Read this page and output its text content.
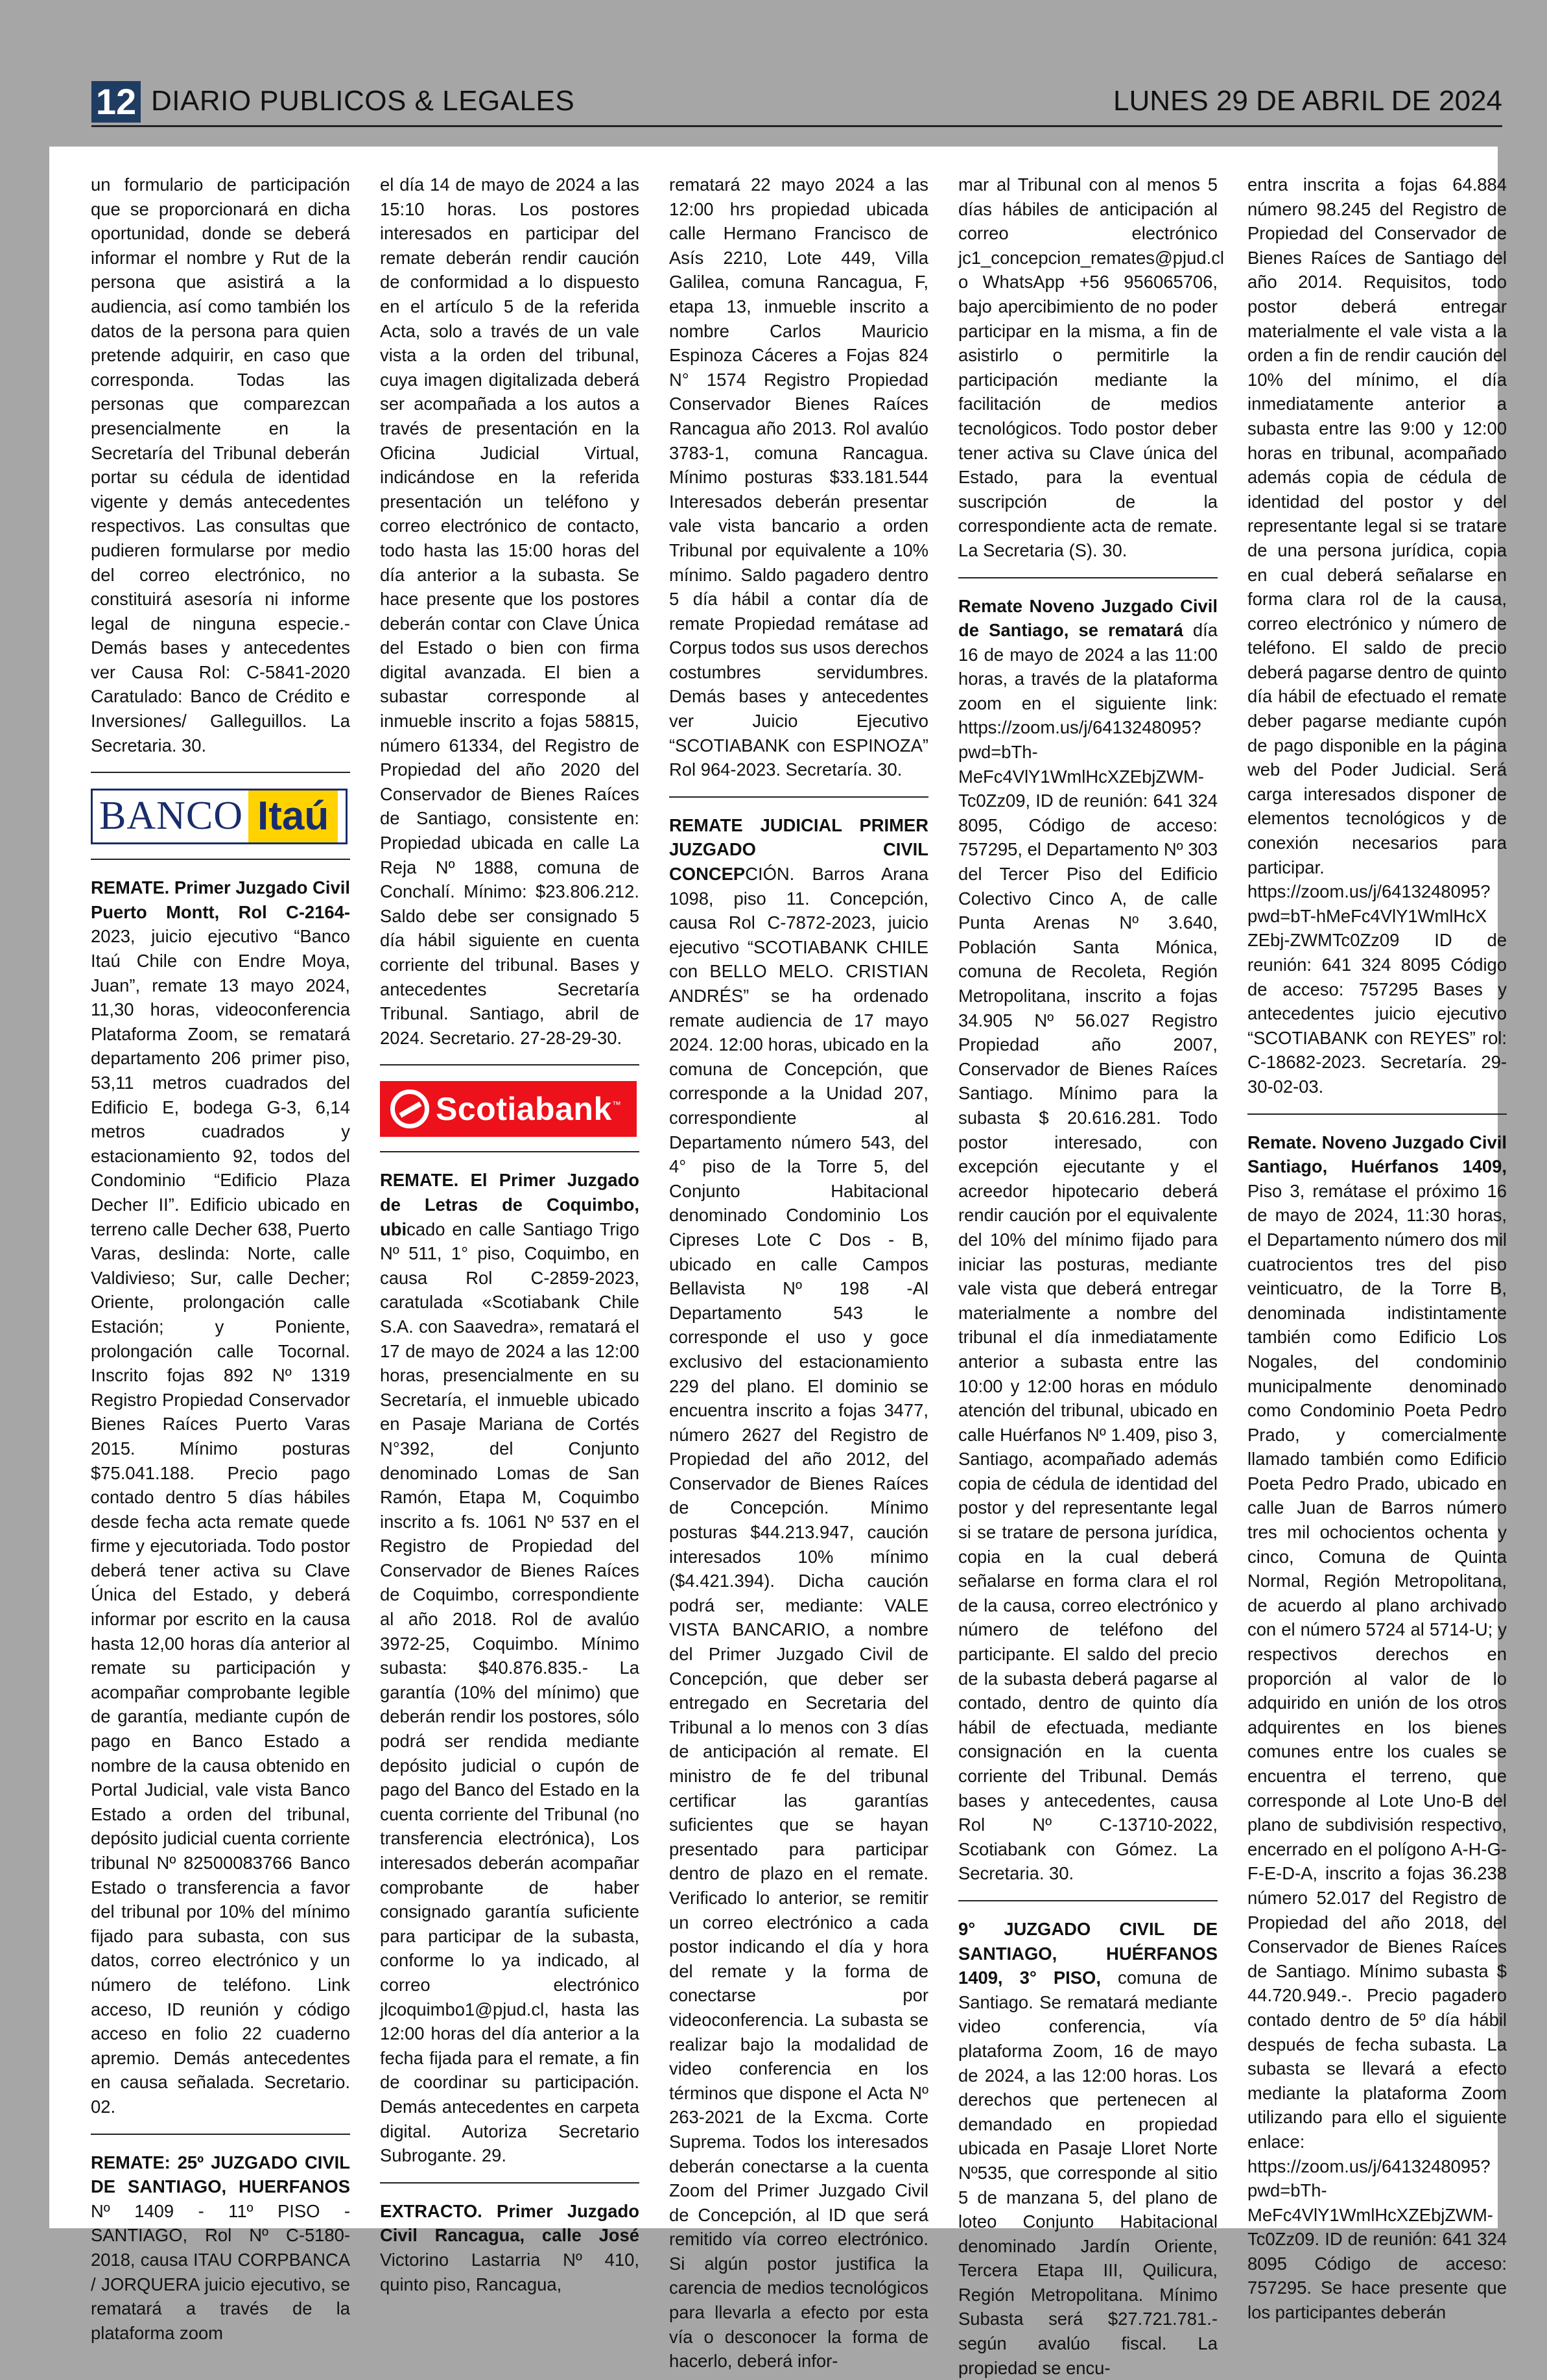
12 DIARIO PUBLICOS & LEGALES	LUNES 29 DE ABRIL DE 2024

un formulario de participación que se proporcionará en dicha oportunidad, donde se deberá informar el nombre y Rut de la persona que asistirá a la audiencia, así como también los datos de la persona para quien pretende adquirir, en caso que corresponda. Todas las personas que comparezcan presencialmente en la Secretaría del Tribunal deberán portar su cédula de identidad vigente y demás antecedentes respectivos. Las consultas que pudieren formularse por medio del correo electrónico, no constituirá asesoría ni informe legal de ninguna especie.- Demás bases y antecedentes ver Causa Rol: C-5841-2020 Caratulado: Banco de Crédito e Inversiones/ Galleguillos. La Secretaria. 30.

BANCO Itaú

REMATE. Primer Juzgado Civil Puerto Montt, Rol C-2164-2023, juicio ejecutivo “Banco Itaú Chile con Endre Moya, Juan”, remate 13 mayo 2024, 11,30 horas, videoconferencia Plataforma Zoom, se rematará departamento 206 primer piso, 53,11 metros cuadrados del Edificio E, bodega G-3, 6,14 metros cuadrados y estacionamiento 92, todos del Condominio “Edificio Plaza Decher II”. Edificio ubicado en terreno calle Decher 638, Puerto Varas, deslinda: Norte, calle Valdivieso; Sur, calle Decher; Oriente, prolongación calle Estación; y Poniente, prolongación calle Tocornal. Inscrito fojas 892 Nº 1319 Registro Propiedad Conservador Bienes Raíces Puerto Varas 2015. Mínimo posturas $75.041.188. Precio pago contado dentro 5 días hábiles desde fecha acta remate quede firme y ejecutoriada. Todo postor deberá tener activa su Clave Única del Estado, y deberá informar por escrito en la causa hasta 12,00 horas día anterior al remate su participación y acompañar comprobante legible de garantía, mediante cupón de pago en Banco Estado a nombre de la causa obtenido en Portal Judicial, vale vista Banco Estado a orden del tribunal, depósito judicial cuenta corriente tribunal Nº 82500083766 Banco Estado o transferencia a favor del tribunal por 10% del mínimo fijado para subasta, con sus datos, correo electrónico y un número de teléfono. Link acceso, ID reunión y código acceso en folio 22 cuaderno apremio. Demás antecedentes en causa señalada. Secretario. 02.

REMATE: 25º JUZGADO CIVIL DE SANTIAGO, HUERFANOS Nº 1409 - 11º PISO - SANTIAGO, Rol Nº C-5180-2018, causa ITAU CORPBANCA / JORQUERA juicio ejecutivo, se rematará a través de la plataforma zoom

el día 14 de mayo de 2024 a las 15:10 horas. Los postores interesados en participar del remate deberán rendir caución de conformidad a lo dispuesto en el artículo 5 de la referida Acta, solo a través de un vale vista a la orden del tribunal, cuya imagen digitalizada deberá ser acompañada a los autos a través de presentación en la Oficina Judicial Virtual, indicándose en la referida presentación un teléfono y correo electrónico de contacto, todo hasta las 15:00 horas del día anterior a la subasta. Se hace presente que los postores deberán contar con Clave Única del Estado o bien con firma digital avanzada. El bien a subastar corresponde al inmueble inscrito a fojas 58815, número 61334, del Registro de Propiedad del año 2020 del Conservador de Bienes Raíces de Santiago, consistente en: Propiedad ubicada en calle La Reja Nº 1888, comuna de Conchalí. Mínimo: $23.806.212. Saldo debe ser consignado 5 día hábil siguiente en cuenta corriente del tribunal. Bases y antecedentes Secretaría Tribunal. Santiago, abril de 2024. Secretario. 27-28-29-30.

Scotiabank ™

REMATE. El Primer Juzgado de Letras de Coquimbo, ubicado en calle Santiago Trigo Nº 511, 1° piso, Coquimbo, en causa Rol C-2859-2023, caratulada «Scotiabank Chile S.A. con Saavedra», rematará el 17 de mayo de 2024 a las 12:00 horas, presencialmente en su Secretaría, el inmueble ubicado en Pasaje Mariana de Cortés N°392, del Conjunto denominado Lomas de San Ramón, Etapa M, Coquimbo inscrito a fs. 1061 Nº 537 en el Registro de Propiedad del Conservador de Bienes Raíces de Coquimbo, correspondiente al año 2018. Rol de avalúo 3972-25, Coquimbo. Mínimo subasta: $40.876.835.- La garantía (10% del mínimo) que deberán rendir los postores, sólo podrá ser rendida mediante depósito judicial o cupón de pago del Banco del Estado en la cuenta corriente del Tribunal (no transferencia electrónica), Los interesados deberán acompañar comprobante de haber consignado garantía suficiente para participar de la subasta, conforme lo ya indicado, al correo electrónico jlcoquimbo1@pjud.cl, hasta las 12:00 horas del día anterior a la fecha fijada para el remate, a fin de coordinar su participación. Demás antecedentes en carpeta digital. Autoriza Secretario Subrogante. 29.

EXTRACTO. Primer Juzgado Civil Rancagua, calle José Victorino Lastarria Nº 410, quinto piso, Rancagua,

rematará 22 mayo 2024 a las 12:00 hrs propiedad ubicada calle Hermano Francisco de Asís 2210, Lote 449, Villa Galilea, comuna Rancagua, F, etapa 13, inmueble inscrito a nombre Carlos Mauricio Espinoza Cáceres a Fojas 824 N° 1574 Registro Propiedad Conservador Bienes Raíces Rancagua año 2013. Rol avalúo 3783-1, comuna Rancagua. Mínimo posturas $33.181.544 Interesados deberán presentar vale vista bancario a orden Tribunal por equivalente a 10% mínimo. Saldo pagadero dentro 5 día hábil a contar día de remate Propiedad remátase ad Corpus todos sus usos derechos costumbres servidumbres. Demás bases y antecedentes ver Juicio Ejecutivo “SCOTIABANK con ESPINOZA” Rol 964-2023. Secretaría. 30.

REMATE JUDICIAL PRIMER JUZGADO CIVIL CONCEPCIÓN. Barros Arana 1098, piso 11. Concepción, causa Rol C-7872-2023, juicio ejecutivo “SCOTIABANK CHILE con BELLO MELO. CRISTIAN ANDRÉS” se ha ordenado remate audiencia de 17 mayo 2024. 12:00 horas, ubicado en la comuna de Concepción, que corresponde a la Unidad 207, correspondiente al Departamento número 543, del 4° piso de la Torre 5, del Conjunto Habitacional denominado Condominio Los Cipreses Lote C Dos - B, ubicado en calle Campos Bellavista Nº 198 -Al Departamento 543 le corresponde el uso y goce exclusivo del estacionamiento 229 del plano. El dominio se encuentra inscrito a fojas 3477, número 2627 del Registro de Propiedad del año 2012, del Conservador de Bienes Raíces de Concepción. Mínimo posturas $44.213.947, caución interesados 10% mínimo ($4.421.394). Dicha caución podrá ser, mediante: VALE VISTA BANCARIO, a nombre del Primer Juzgado Civil de Concepción, que deber ser entregado en Secretaria del Tribunal a lo menos con 3 días de anticipación al remate. El ministro de fe del tribunal certificar las garantías suficientes que se hayan presentado para participar dentro de plazo en el remate. Verificado lo anterior, se remitir un correo electrónico a cada postor indicando el día y hora del remate y la forma de conectarse por videoconferencia. La subasta se realizar bajo la modalidad de video conferencia en los términos que dispone el Acta Nº 263-2021 de la Excma. Corte Suprema. Todos los interesados deberán conectarse a la cuenta Zoom del Primer Juzgado Civil de Concepción, al ID que será remitido vía correo electrónico. Si algún postor justifica la carencia de medios tecnológicos para llevarla a efecto por esta vía o desconocer la forma de hacerlo, deberá infor-

mar al Tribunal con al menos 5 días hábiles de anticipación al correo electrónico jc1_concepcion_remates@pjud.cl o WhatsApp +56 956065706, bajo apercibimiento de no poder participar en la misma, a fin de asistirlo o permitirle la participación mediante la facilitación de medios tecnológicos. Todo postor deber tener activa su Clave única del Estado, para la eventual suscripción de la correspondiente acta de remate. La Secretaria (S). 30.

Remate Noveno Juzgado Civil de Santiago, se rematará día 16 de mayo de 2024 a las 11:00 horas, a través de la plataforma zoom en el siguiente link: https://zoom.us/j/6413248095?pwd=bTh-MeFc4VlY1WmlHcXZEbjZWM-Tc0Zz09, ID de reunión: 641 324 8095, Código de acceso: 757295, el Departamento Nº 303 del Tercer Piso del Edificio Colectivo Cinco A, de calle Punta Arenas Nº 3.640, Población Santa Mónica, comuna de Recoleta, Región Metropolitana, inscrito a fojas 34.905 Nº 56.027 Registro Propiedad año 2007, Conservador de Bienes Raíces Santiago. Mínimo para la subasta $ 20.616.281. Todo postor interesado, con excepción ejecutante y el acreedor hipotecario deberá rendir caución por el equivalente del 10% del mínimo fijado para iniciar las posturas, mediante vale vista que deberá entregar materialmente a nombre del tribunal el día inmediatamente anterior a subasta entre las 10:00 y 12:00 horas en módulo atención del tribunal, ubicado en calle Huérfanos Nº 1.409, piso 3, Santiago, acompañado además copia de cédula de identidad del postor y del representante legal si se tratare de persona jurídica, copia en la cual deberá señalarse en forma clara el rol de la causa, correo electrónico y número de teléfono del participante. El saldo del precio de la subasta deberá pagarse al contado, dentro de quinto día hábil de efectuada, mediante consignación en la cuenta corriente del Tribunal. Demás bases y antecedentes, causa Rol Nº C-13710-2022, Scotiabank con Gómez. La Secretaria. 30.

9° JUZGADO CIVIL DE SANTIAGO, HUÉRFANOS 1409, 3° PISO, comuna de Santiago. Se rematará mediante video conferencia, vía plataforma Zoom, 16 de mayo de 2024, a las 12:00 horas. Los derechos que pertenecen al demandado en propiedad ubicada en Pasaje Lloret Norte Nº535, que corresponde al sitio 5 de manzana 5, del plano de loteo Conjunto Habitacional denominado Jardín Oriente, Tercera Etapa III, Quilicura, Región Metropolitana. Mínimo Subasta será $27.721.781.- según avalúo fiscal. La propiedad se encu-

entra inscrita a fojas 64.884 número 98.245 del Registro de Propiedad del Conservador de Bienes Raíces de Santiago del año 2014. Requisitos, todo postor deberá entregar materialmente el vale vista a la orden a fin de rendir caución del 10% del mínimo, el día inmediatamente anterior a subasta entre las 9:00 y 12:00 horas en tribunal, acompañado además copia de cédula de identidad del postor y del representante legal si se tratare de una persona jurídica, copia en cual deberá señalarse en forma clara rol de la causa, correo electrónico y número de teléfono. El saldo de precio deberá pagarse dentro de quinto día hábil de efectuado el remate deber pagarse mediante cupón de pago disponible en la página web del Poder Judicial. Será carga interesados disponer de elementos tecnológicos y de conexión necesarios para participar. https://zoom.us/j/6413248095?pwd=bT-hMeFc4VlY1WmlHcX ZEbj-ZWMTc0Zz09 ID de reunión: 641 324 8095 Código de acceso: 757295 Bases y antecedentes juicio ejecutivo “SCOTIABANK con REYES” rol: C-18682-2023. Secretaría. 29-30-02-03.

Remate. Noveno Juzgado Civil Santiago, Huérfanos 1409, Piso 3, remátase el próximo 16 de mayo de 2024, 11:30 horas, el Departamento número dos mil cuatrocientos tres del piso veinticuatro, de la Torre B, denominada indistintamente también como Edificio Los Nogales, del condominio municipalmente denominado como Condominio Poeta Pedro Prado, y comercialmente llamado también como Edificio Poeta Pedro Prado, ubicado en calle Juan de Barros número tres mil ochocientos ochenta y cinco, Comuna de Quinta Normal, Región Metropolitana, de acuerdo al plano archivado con el número 5724 al 5714-U; y respectivos derechos en proporción al valor de lo adquirido en unión de los otros adquirentes en los bienes comunes entre los cuales se encuentra el terreno, que corresponde al Lote Uno-B del plano de subdivisión respectivo, encerrado en el polígono A-H-G-F-E-D-A, inscrito a fojas 36.238 número 52.017 del Registro de Propiedad del año 2018, del Conservador de Bienes Raíces de Santiago. Mínimo subasta $ 44.720.949.-. Precio pagadero contado dentro de 5º día hábil después de fecha subasta. La subasta se llevará a efecto mediante la plataforma Zoom utilizando para ello el siguiente enlace: https://zoom.us/j/6413248095?pwd=bTh-MeFc4VlY1WmlHcXZEbjZWM-Tc0Zz09. ID de reunión: 641 324 8095 Código de acceso: 757295. Se hace presente que los participantes deberán
